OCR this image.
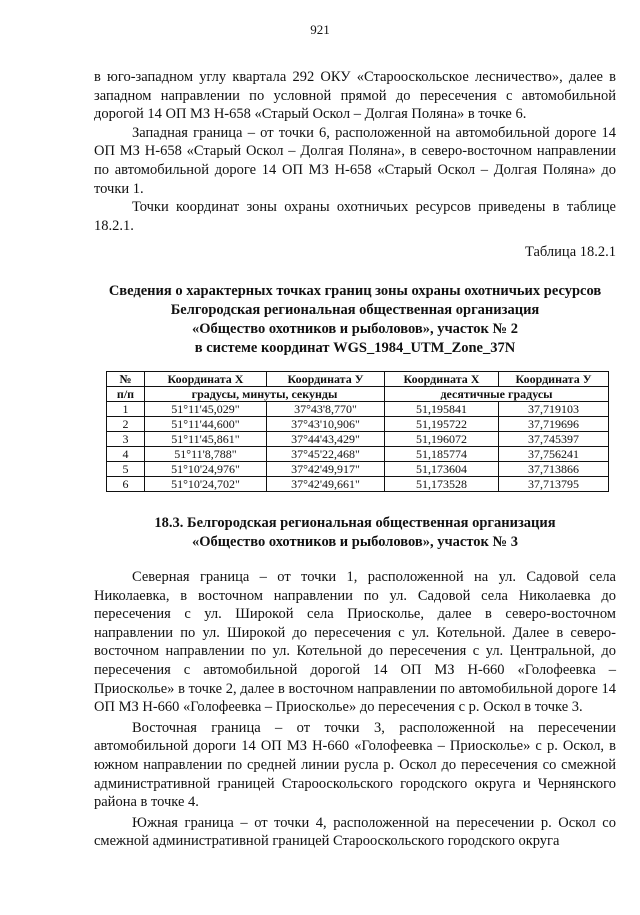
921

в юго-западном углу квартала 292 ОКУ «Старооскольское лесничество», далее в западном направлении по условной прямой до пересечения с автомобильной дорогой 14 ОП МЗ Н-658 «Старый Оскол – Долгая Поляна» в точке 6.

Западная граница – от точки 6, расположенной на автомобильной дороге 14 ОП МЗ Н-658 «Старый Оскол – Долгая Поляна», в северо-восточном направлении по автомобильной дороге 14 ОП МЗ Н-658 «Старый Оскол – Долгая Поляна» до точки 1.

Точки координат зоны охраны охотничьих ресурсов приведены в таблице 18.2.1.

Таблица 18.2.1
Сведения о характерных точках границ зоны охраны охотничьих ресурсов
Белгородская региональная общественная организация
«Общество охотников и рыболовов», участок № 2
в системе координат WGS_1984_UTM_Zone_37N
№	Координата X	Координата У	Координата X	Координата У
п/п	градусы, минуты, секунды		десятичные градусы	
1	51°11'45,029"	37°43'8,770"	51,195841	37,719103
2	51°11'44,600"	37°43'10,906"	51,195722	37,719696
3	51°11'45,861"	37°44'43,429"	51,196072	37,745397
4	51°11'8,788"	37°45'22,468"	51,185774	37,756241
5	51°10'24,976"	37°42'49,917"	51,173604	37,713866
6	51°10'24,702"	37°42'49,661"	51,173528	37,713795
18.3. Белгородская региональная общественная организация
«Общество охотников и рыболовов», участок № 3

Северная граница – от точки 1, расположенной на ул. Садовой села Николаевка, в восточном направлении по ул. Садовой села Николаевка до пересечения с ул. Широкой села Приосколье, далее в северо-восточном направлении по ул. Широкой до пересечения с ул. Котельной. Далее в северо-восточном направлении по ул. Котельной до пересечения с ул. Центральной, до пересечения с автомобильной дорогой 14 ОП МЗ Н-660 «Голофеевка – Приосколье» в точке 2, далее в восточном направлении по автомобильной дороге 14 ОП МЗ Н-660 «Голофеевка – Приосколье» до пересечения с р. Оскол в точке 3.

Восточная граница – от точки 3, расположенной на пересечении автомобильной дороги 14 ОП МЗ Н-660 «Голофеевка – Приосколье» с р. Оскол, в южном направлении по средней линии русла р. Оскол до пересечения со смежной административной границей Старооскольского городского округа и Чернянского района в точке 4.

Южная граница – от точки 4, расположенной на пересечении р. Оскол со смежной административной границей Старооскольского городского округа
